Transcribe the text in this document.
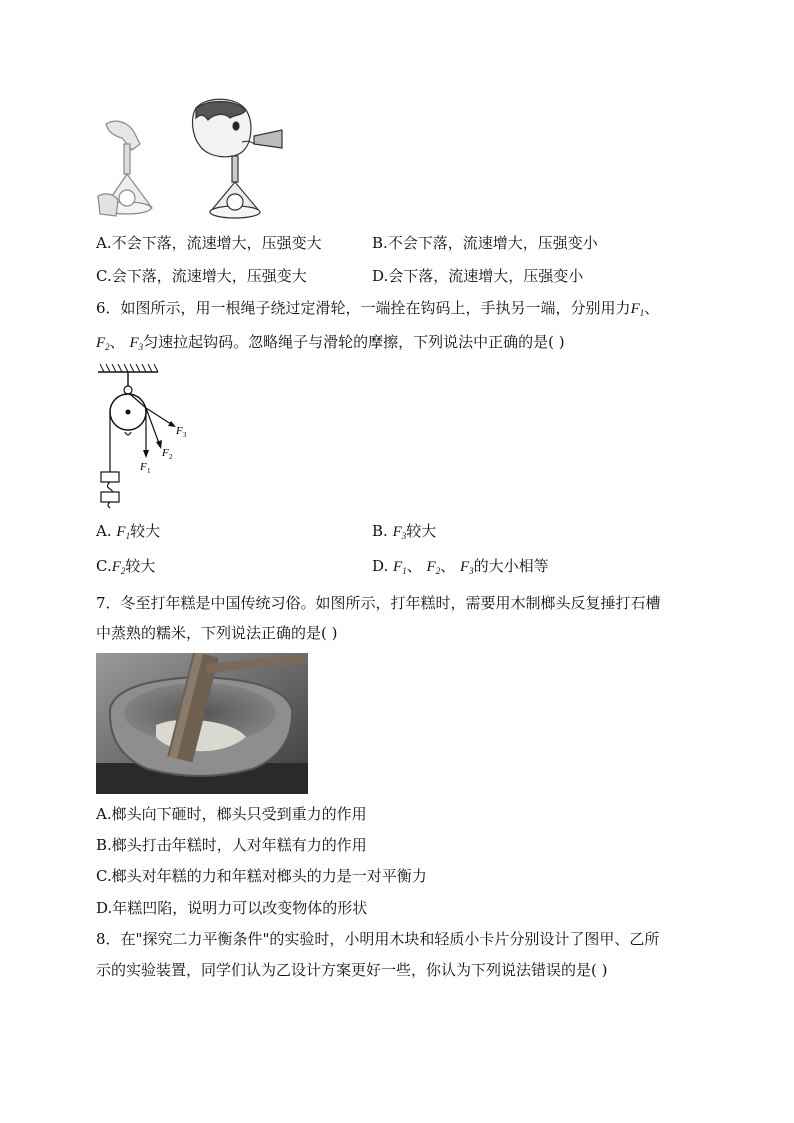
A.不会下落，流速增大，压强变大	B.不会下落，流速增大，压强变小
C.会下落，流速增大，压强变大	D.会下落，流速增大，压强变小
6．如图所示，用一根绳子绕过定滑轮，一端拴在钩码上，手执另一端，分别用力$F_1$、
$F_2$、 $F_3$匀速拉起钩码。忽略绳子与滑轮的摩擦，下列说法中正确的是( )
F 1
F 2
F 3
A. $F_1$较大	B. $F_3$较大
$C.F_2$较大	D. $F_1$、 $F_2$、 $F_3$的大小相等
7．冬至打年糕是中国传统习俗。如图所示，打年糕时，需要用木制榔头反复捶打石槽
中蒸熟的糯米，下列说法正确的是( )
A.榔头向下砸时，榔头只受到重力的作用
B.榔头打击年糕时，人对年糕有力的作用
C.榔头对年糕的力和年糕对榔头的力是一对平衡力
D.年糕凹陷，说明力可以改变物体的形状
8．在"探究二力平衡条件"的实验时，小明用木块和轻质小卡片分别设计了图甲、乙所
示的实验装置，同学们认为乙设计方案更好一些，你认为下列说法错误的是( )
